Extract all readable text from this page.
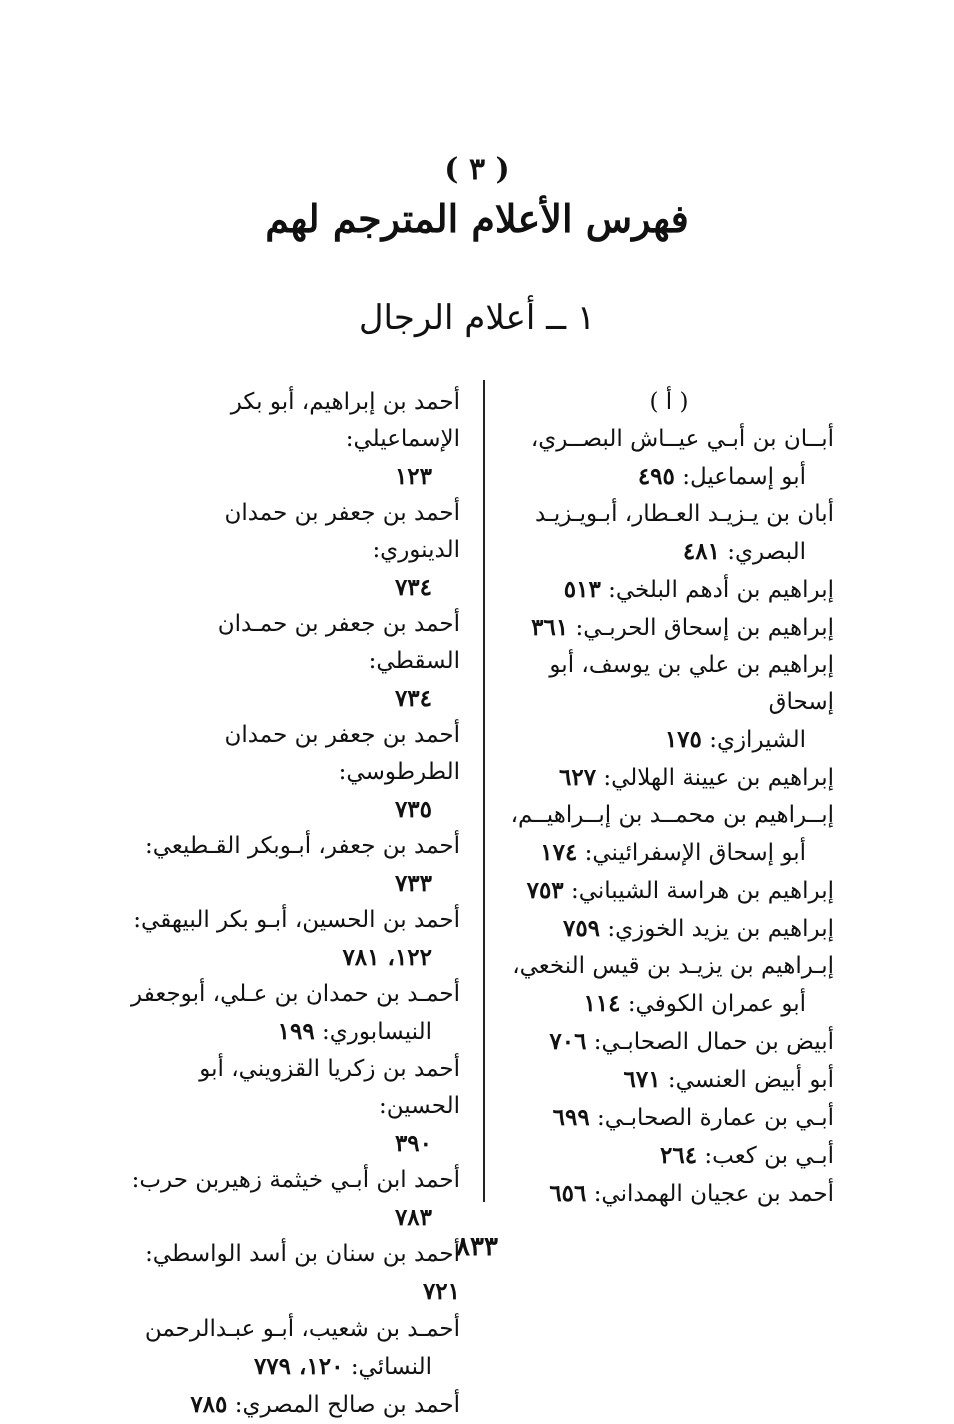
( ٣ )
فهرس الأعلام المترجم لهم
١ ــ أعلام الرجال
( أ )
أبــان بن أبـي عيــاش البصــري،
أبو إسماعيل: ٤٩٥
أبان بن يـزيـد العـطار، أبـويـزيـد
البصري: ٤٨١
إبراهيم بن أدهم البلخي: ٥١٣
إبراهيم بن إسحاق الحربـي: ٣٦١
إبراهيم بن علي بن يوسف، أبو إسحاق
الشيرازي: ١٧٥
إبراهيم بن عيينة الهلالي: ٦٢٧
إبــراهيم بن محمــد بن إبــراهيــم،
أبو إسحاق الإسفرائيني: ١٧٤
إبراهيم بن هراسة الشيباني: ٧٥٣
إبراهيم بن يزيد الخوزي: ٧٥٩
إبـراهيم بن يزيـد بن قيس النخعي،
أبو عمران الكوفي: ١١٤
أبيض بن حمال الصحابـي: ٧٠٦
أبو أبيض العنسي: ٦٧١
أبـي بن عمارة الصحابـي: ٦٩٩
أبـي بن كعب: ٢٦٤
أحمد بن عجيان الهمداني: ٦٥٦
أحمد بن إبراهيم، أبو بكر الإسماعيلي:
١٢٣
أحمد بن جعفر بن حمدان الدينوري:
٧٣٤
أحمد بن جعفر بن حمـدان السقطي:
٧٣٤
أحمد بن جعفر بن حمدان الطرطوسي:
٧٣٥
أحمد بن جعفر، أبـوبكر القـطيعي:
٧٣٣
أحمد بن الحسين، أبـو بكر البيهقي:
١٢٢، ٧٨١
أحمـد بن حمدان بن عـلي، أبوجعفر
النيسابوري: ١٩٩
أحمد بن زكريا القزويني، أبو الحسين:
٣٩٠
أحمد ابن أبـي خيثمة زهيربن حرب:
٧٨٣
أحمد بن سنان بن أسد الواسطي: ٧٢١
أحمـد بن شعيب، أبـو عبـدالرحمن
النسائي: ١٢٠، ٧٧٩
أحمد بن صالح المصري: ٧٨٥
٨٣٣
